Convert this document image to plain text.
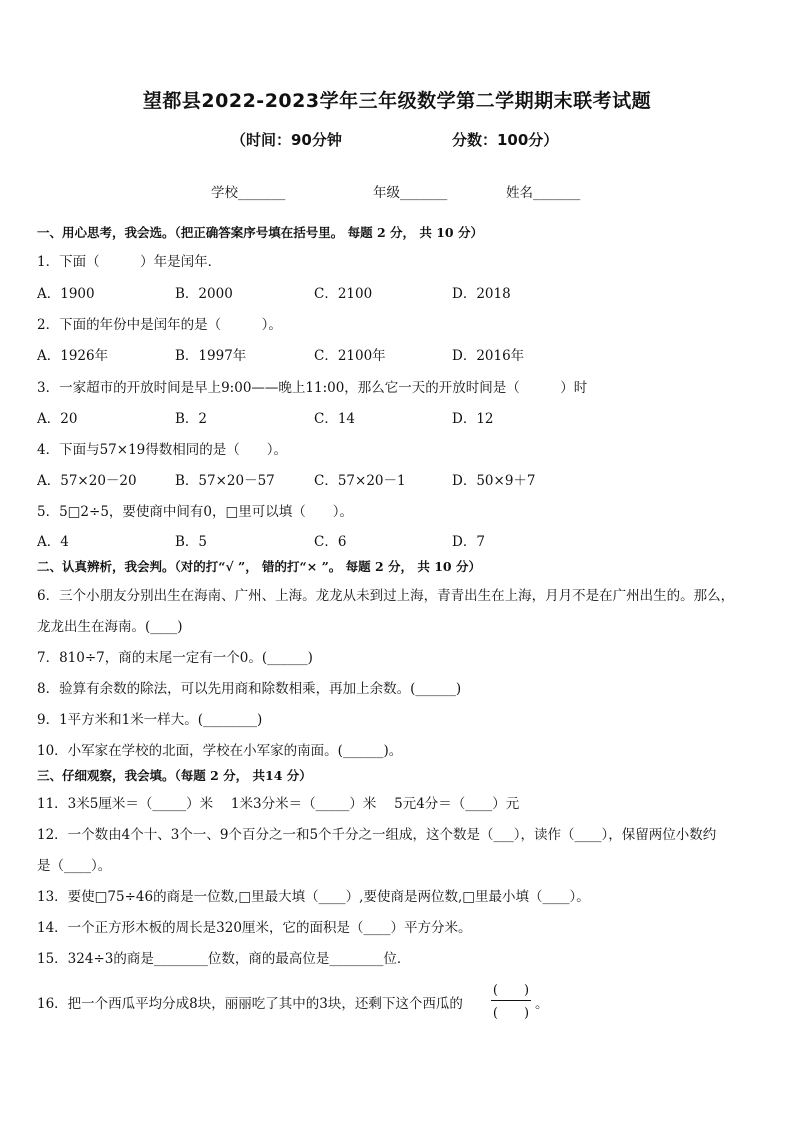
望都县2022-2023学年三年级数学第二学期期末联考试题
（时间：90分钟	分数：100分）
学校_______	年级_______	姓名_______
一、用心思考，我会选。（把正确答案序号填在括号里。 每题 2 分， 共 10 分）
1．下面（　　　）年是闰年．
A．1900	B．2000	C．2100	D．2018
2．下面的年份中是闰年的是（　　　）。
A．1926年	B．1997年	C．2100年	D．2016年
3．一家超市的开放时间是早上9:00——晚上11:00，那么它一天的开放时间是（　　　）时
A．20	B．2	C．14	D．12
4．下面与57×19得数相同的是（　　）。
A．57×20－20	B．57×20－57	C．57×20－1	D．50×9＋7
5．5□2÷5，要使商中间有0，□里可以填（　　）。
A．4	B．5	C．6	D．7
二、认真辨析，我会判。（对的打“√ ”， 错的打“× ”。 每题 2 分， 共 10 分）
6．三个小朋友分别出生在海南、广州、上海。龙龙从未到过上海，青青出生在上海，月月不是在广州出生的。那么，
龙龙出生在海南。(____)
7．810÷7，商的末尾一定有一个0。(______)
8．验算有余数的除法，可以先用商和除数相乘，再加上余数。(______)
9．1平方米和1米一样大。(________)
10．小军家在学校的北面，学校在小军家的南面。(______)。
三、仔细观察，我会填。（每题 2 分， 共14 分）
11．3米5厘米＝（_____）米　 1米3分米＝（_____）米　 5元4分＝（____）元
12．一个数由4个十、3个一、9个百分之一和5个千分之一组成，这个数是（___），读作（____），保留两位小数约
是（____）。
13．要使□75÷46的商是一位数,□里最大填（____）,要使商是两位数,□里最小填（____）。
14．一个正方形木板的周长是320厘米，它的面积是（____）平方分米。
15．324÷3的商是________位数，商的最高位是________位．
16．把一个西瓜平均分成8块，丽丽吃了其中的3块，还剩下这个西瓜的
(　　)
(　　)
。
